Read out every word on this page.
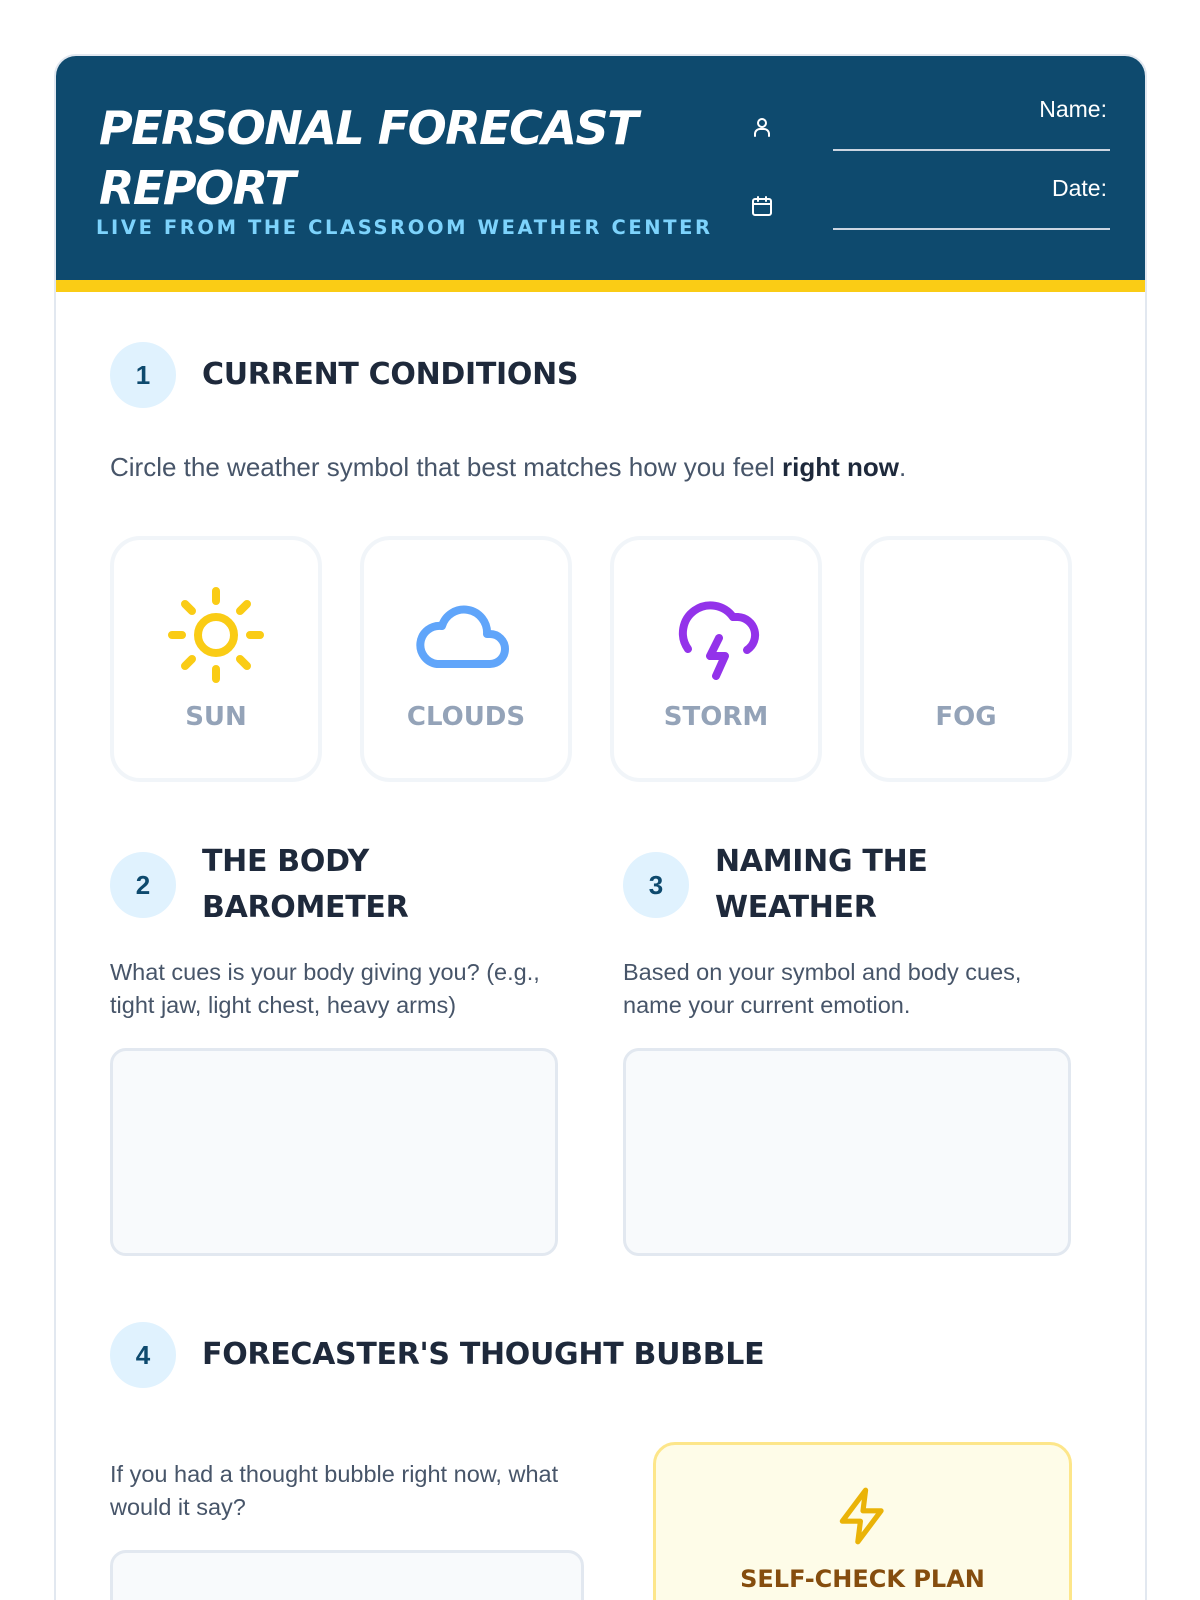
PERSONAL FORECAST REPORT
LIVE FROM THE CLASSROOM WEATHER CENTER
Name:
Date:
1	CURRENT CONDITIONS
Circle the weather symbol that best matches how you feel right now.
SUN	CLOUDS	STORM	FOG
2
THE BODY BAROMETER
What cues is your body giving you? (e.g., tight jaw, light chest, heavy arms)
3
NAMING THE WEATHER
Based on your symbol and body cues, name your current emotion.
4	FORECASTER'S THOUGHT BUBBLE
If you had a thought bubble right now, what would it say?
SELF-CHECK PLAN
